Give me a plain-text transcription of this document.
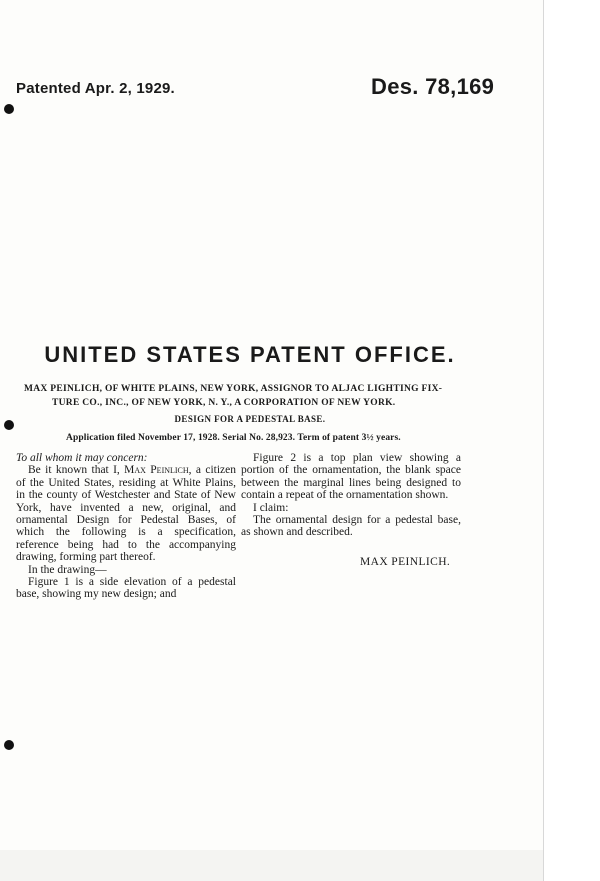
Patented Apr. 2, 1929.	Des. 78,169
UNITED STATES PATENT OFFICE.
MAX PEINLICH, OF WHITE PLAINS, NEW YORK, ASSIGNOR TO ALJAC LIGHTING FIX-
TURE CO., INC., OF NEW YORK, N. Y., A CORPORATION OF NEW YORK.
DESIGN FOR A PEDESTAL BASE.
Application filed November 17, 1928. Serial No. 28,923. Term of patent 3½ years.

To all whom it may concern:

Be it known that I, Max Peinlich, a citizen of the United States, residing at White Plains, in the county of Westchester and State of New York, have invented a new, original, and ornamental Design for Pedestal Bases, of which the following is a specification, reference being had to the accompanying drawing, forming part thereof.

In the drawing—

Figure 1 is a side elevation of a pedestal base, showing my new design; and

Figure 2 is a top plan view showing a portion of the ornamentation, the blank space between the marginal lines being designed to contain a repeat of the ornamentation shown.

I claim:

The ornamental design for a pedestal base, as shown and described.

MAX PEINLICH.
